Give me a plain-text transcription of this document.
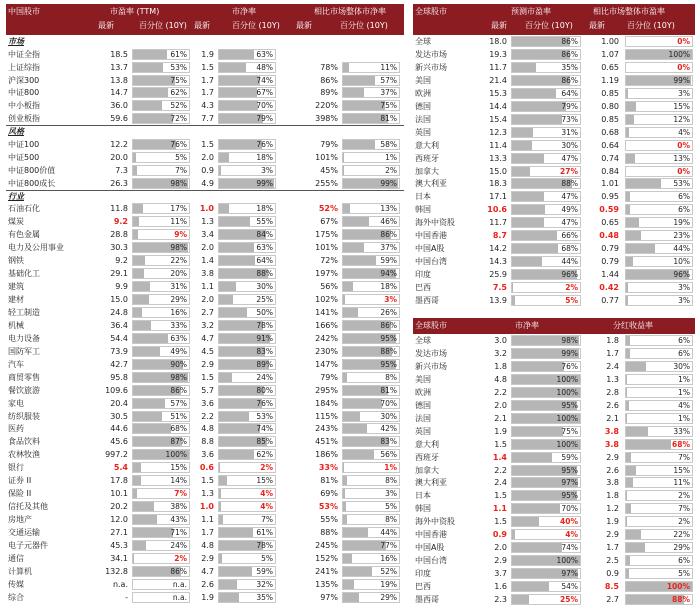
中国股市	市盈率 (TTM)	市净率	相比市场整体市净率
最新	百分位 (10Y) 最新	百分位 (10Y) 最新	百分位 (10Y)
市场
中证全指	18.5	61%	1.9	63%
上证综指	13.7	53%	1.5	48%	78%	11%
沪深300	13.8	75%	1.7	74%	86%	57%
中证800	14.7	62%	1.7	67%	89%	37%
中小板指	36.0	52%	4.3	70%	220%	75%
创业板指	59.6	72%	7.7	79%	398%	81%
风格
中证100	12.2	76%	1.5	76%	79%	58%
中证500	20.0	5%	2.0	18%	101%	1%
中证800价值	7.3	7%	0.9	3%	45%	2%
中证800成长	26.3	98%	4.9	99%	255%	99%
行业
石油石化	11.8	17%	1.0	18%	52%	13%
煤炭	9.2	11%	1.3	55%	67%	46%
有色金属	28.8	9%	3.4	84%	175%	86%
电力及公用事业	30.3	98%	2.0	63%	101%	37%
钢铁	9.2	22%	1.4	64%	72%	59%
基础化工	29.1	20%	3.8	88%	197%	94%
建筑	9.9	31%	1.1	30%	56%	18%
建材	15.0	29%	2.0	25%	102%	3%
轻工制造	24.8	16%	2.7	50%	141%	26%
机械	36.4	33%	3.2	78%	166%	86%
电力设备	54.4	63%	4.7	91%	242%	95%
国防军工	73.9	49%	4.5	83%	230%	88%
汽车	42.7	90%	2.9	89%	147%	95%
商贸零售	95.8	98%	1.5	24%	79%	8%
餐饮旅游	109.6	86%	5.7	80%	295%	81%
家电	20.4	57%	3.6	76%	184%	70%
纺织服装	30.5	51%	2.2	53%	115%	30%
医药	44.6	68%	4.8	74%	243%	42%
食品饮料	45.6	87%	8.8	85%	451%	83%
农林牧渔	997.2	100%	3.6	62%	186%	56%
银行	5.4	15%	0.6	2%	33%	1%
证券 II	17.8	14%	1.5	15%	81%	8%
保险 II	10.1	7%	1.3	4%	69%	3%
信托及其他	20.2	38%	1.0	4%	53%	5%
房地产	12.0	43%	1.1	7%	55%	8%
交通运输	27.1	71%	1.7	61%	88%	44%
电子元器件	45.3	24%	4.8	78%	245%	77%
通信	34.1	2%	2.9	5%	152%	16%
计算机	132.8	86%	4.7	59%	241%	52%
传媒	n.a.	n.a.	2.6	32%	135%	19%
综合	-	n.a.	1.9	35%	97%	29%
全球股市	预测市盈率	相比市场整体市盈率
最新 百分位 (10Y) 最新	百分位 (10Y)
全球	18.0	86%	1.00	0%
发达市场	19.3	86%	1.07	100%
新兴市场	11.7	35%	0.65	0%
美国	21.4	86%	1.19	99%
欧洲	15.3	64%	0.85	3%
德国	14.4	79%	0.80	15%
法国	15.4	73%	0.85	12%
英国	12.3	31%	0.68	4%
意大利	11.4	30%	0.64	0%
西班牙	13.3	47%	0.74	13%
加拿大	15.0	27%	0.84	0%
澳大利亚	18.3	88%	1.01	53%
日本	17.1	47%	0.95	6%
韩国	10.6	49%	0.59	6%
海外中资股	11.7	47%	0.65	19%
中国香港	8.7	66%	0.48	23%
中国A股	14.2	68%	0.79	44%
中国台湾	14.3	44%	0.79	10%
印度	25.9	96%	1.44	96%
巴西	7.5	2%	0.42	3%
墨西哥	13.9	5%	0.77	3%
全球股市	市净率	分红收益率
全球	3.0	98%	1.8	6%
发达市场	3.2	99%	1.7	6%
新兴市场	1.8	76%	2.4	30%
美国	4.8	100%	1.3	1%
欧洲	2.2	100%	2.8	1%
德国	2.0	95%	2.6	4%
法国	2.1	100%	2.1	1%
英国	1.9	75%	3.8	33%
意大利	1.5	100%	3.8	68%
西班牙	1.4	59%	2.9	7%
加拿大	2.2	95%	2.6	15%
澳大利亚	2.4	97%	3.8	11%
日本	1.5	95%	1.8	2%
韩国	1.1	70%	1.2	7%
海外中资股	1.5	40%	1.9	2%
中国香港	0.9	4%	2.9	22%
中国A股	2.0	74%	1.7	29%
中国台湾	2.9	100%	2.5	6%
印度	3.7	97%	0.9	5%
巴西	1.6	54%	8.5	100%
墨西哥	2.3	25%	2.7	88%
